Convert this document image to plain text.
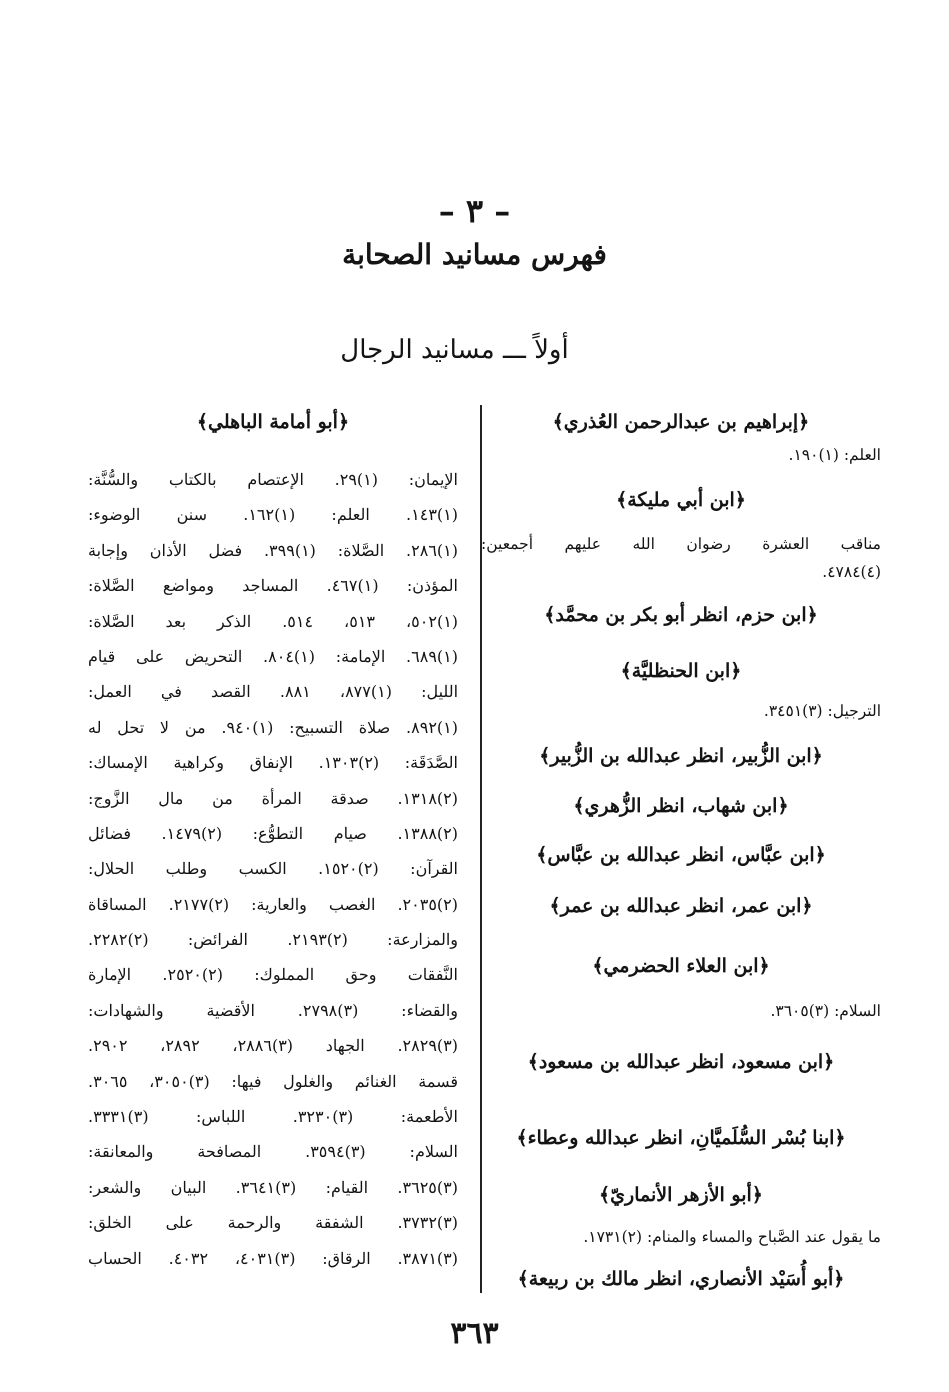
– ٣ –
فهرس مسانيد الصحابة
أولاً ـــ مسانيد الرجال

﴿إبراهيم بن عبدالرحمن العُذري﴾

العلم: (١)١٩٠.

﴿ابن أبي مليكة﴾

مناقب العشرة رضوان الله عليهم أجمعين:

(٤)٤٧٨٤.

﴿ابن حزم، انظر أبو بكر بن محمَّد﴾

﴿ابن الحنظليَّة﴾

الترجيل: (٣)٣٤٥١.

﴿ابن الزُّبير، انظر عبدالله بن الزُّبير﴾

﴿ابن شهاب، انظر الزُّهري﴾

﴿ابن عبَّاس، انظر عبدالله بن عبَّاس﴾

﴿ابن عمر، انظر عبدالله بن عمر﴾

﴿ابن العلاء الحضرمي﴾

السلام: (٣)٣٦٠٥.

﴿ابن مسعود، انظر عبدالله بن مسعود﴾

﴿ابنا بُسْر السُّلَميَّانِ، انظر عبدالله وعطاء﴾

﴿أبو الأزهر الأنماريّ﴾

ما يقول عند الصَّباح والمساء والمنام: (٢)١٧٣١.

﴿أبو أُسَيْد الأنصاري، انظر مالك بن ربيعة﴾

﴿أبو أمامة الباهلي﴾

الإيمان: (١)٢٩. الإعتصام بالكتاب والسُّنَّة:

(١)١٤٣. العلم: (١)١٦٢. سنن الوضوء:

(١)٢٨٦. الصَّلاة: (١)٣٩٩. فضل الأذان وإجابة

المؤذن: (١)٤٦٧. المساجد ومواضع الصَّلاة:

(١)٥٠٢، ٥١٣، ٥١٤. الذكر بعد الصَّلاة:

(١)٦٨٩. الإمامة: (١)٨٠٤. التحريض على قيام

الليل: (١)٨٧٧، ٨٨١. القصد في العمل:

(١)٨٩٢. صلاة التسبيح: (١)٩٤٠. من لا تحل له

الصَّدَقَة: (٢)١٣٠٣. الإنفاق وكراهية الإمساك:

(٢)١٣١٨. صدقة المرأة من مال الزَّوج:

(٢)١٣٨٨. صيام التطوُّع: (٢)١٤٧٩. فضائل

القرآن: (٢)١٥٢٠. الكسب وطلب الحلال:

(٢)٢٠٣٥. الغصب والعارية: (٢)٢١٧٧. المساقاة

والمزارعة: (٢)٢١٩٣. الفرائض: (٢)٢٢٨٢.

النَّفقات وحق المملوك: (٢)٢٥٢٠. الإمارة

والقضاء: (٣)٢٧٩٨. الأقضية والشهادات:

(٣)٢٨٢٩. الجهاد (٣)٢٨٨٦، ٢٨٩٢، ٢٩٠٢.

قسمة الغنائم والغلول فيها: (٣)٣٠٥٠، ٣٠٦٥.

الأطعمة: (٣)٣٢٣٠. اللباس: (٣)٣٣٣١.

السلام: (٣)٣٥٩٤. المصافحة والمعانقة:

(٣)٣٦٢٥. القيام: (٣)٣٦٤١. البيان والشعر:

(٣)٣٧٣٢. الشفقة والرحمة على الخلق:

(٣)٣٨٧١. الرقاق: (٣)٤٠٣١، ٤٠٣٢. الحساب

٣٦٣
